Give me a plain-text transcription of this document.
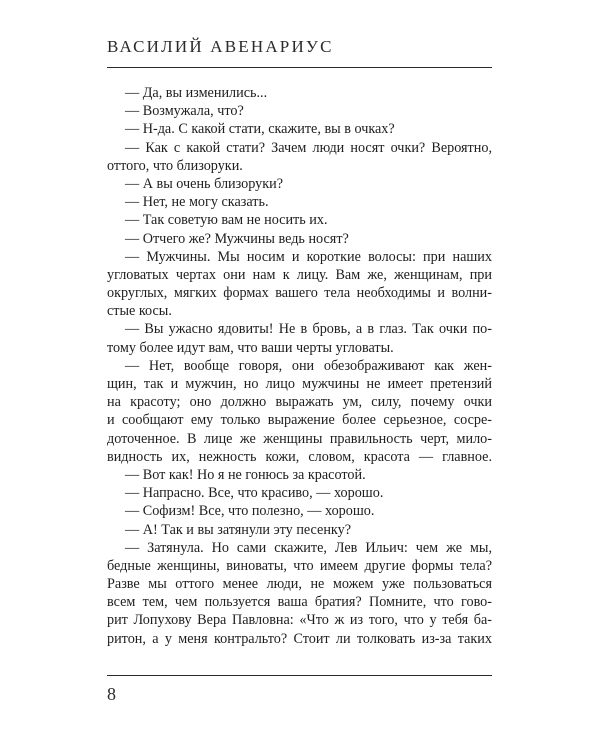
ВАСИЛИЙ АВЕНАРИУС
— Да, вы изменились...
— Возмужала, что?
— Н-да. С какой стати, скажите, вы в очках?
— Как с какой стати? Зачем люди носят очки? Вероятно,
оттого, что близоруки.
— А вы очень близоруки?
— Нет, не могу сказать.
— Так советую вам не носить их.
— Отчего же? Мужчины ведь носят?
— Мужчины. Мы носим и короткие волосы: при наших
угловатых чертах они нам к лицу. Вам же, женщинам, при
округлых, мягких формах вашего тела необходимы и волни-
стые косы.
— Вы ужасно ядовиты! Не в бровь, а в глаз. Так очки по-
тому более идут вам, что ваши черты угловаты.
— Нет, вообще говоря, они обезображивают как жен-
щин, так и мужчин, но лицо мужчины не имеет претензий
на красоту; оно должно выражать ум, силу, почему очки
и сообщают ему только выражение более серьезное, сосре-
доточенное. В лице же женщины правильность черт, мило-
видность их, нежность кожи, словом, красота — главное.
— Вот как! Но я не гонюсь за красотой.
— Напрасно. Все, что красиво, — хорошо.
— Софизм! Все, что полезно, — хорошо.
— А! Так и вы затянули эту песенку?
— Затянула. Но сами скажите, Лев Ильич: чем же мы,
бедные женщины, виноваты, что имеем другие формы тела?
Разве мы оттого менее люди, не можем уже пользоваться
всем тем, чем пользуется ваша братия? Помните, что гово-
рит Лопухову Вера Павловна: «Что ж из того, что у тебя ба-
ритон, а у меня контральто? Стоит ли толковать из-за таких
8
